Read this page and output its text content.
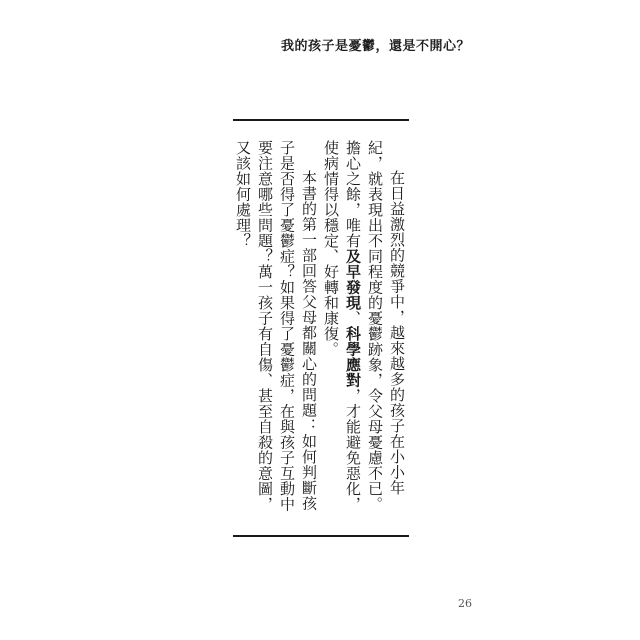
我的孩子是憂鬱，還是不開心？

在日益激烈的競爭中，越來越多的孩子在小小年紀，就表現出不同程度的憂鬱跡象，令父母憂慮不已。擔心之餘，唯有及早發現、科學應對，才能避免惡化，使病情得以穩定、好轉和康復。

本書的第一部回答父母都關心的問題：如何判斷孩子是否得了憂鬱症？如果得了憂鬱症，在與孩子互動中要注意哪些問題？萬一孩子有自傷、甚至自殺的意圖，又該如何處理？

26
